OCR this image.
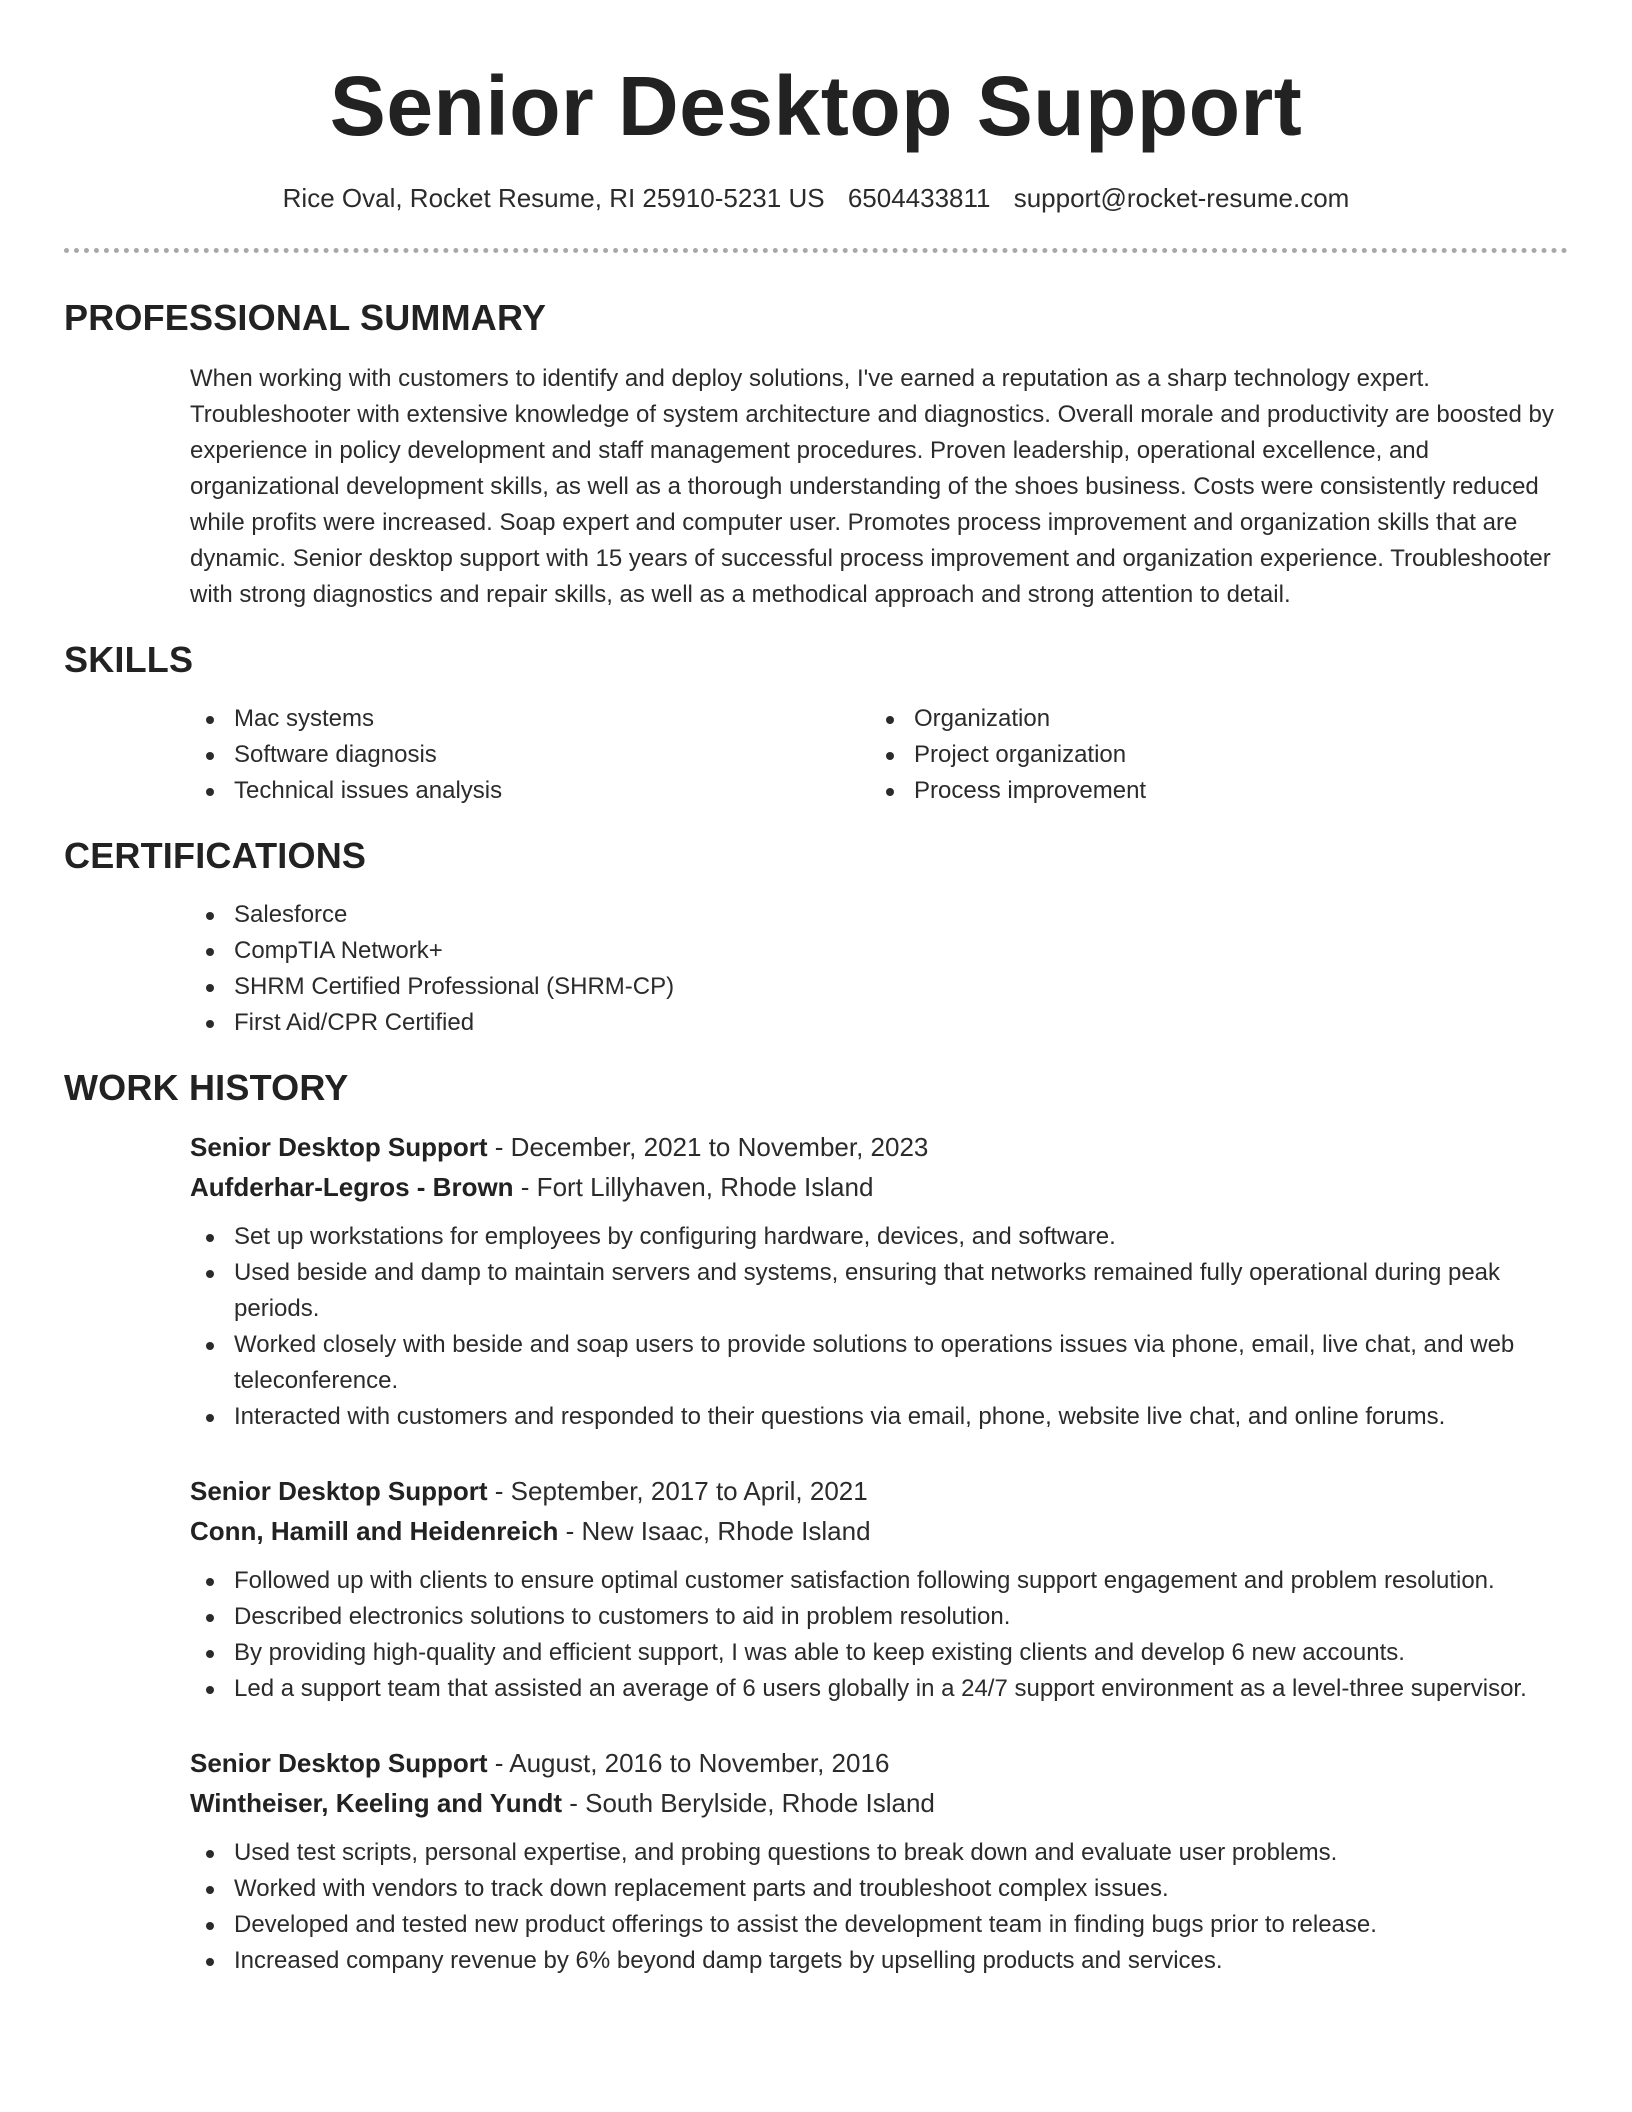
Senior Desktop Support
Rice Oval, Rocket Resume, RI 25910-5231 US 6504433811 support@rocket-resume.com
PROFESSIONAL SUMMARY

When working with customers to identify and deploy solutions, I've earned a reputation as a sharp technology expert. Troubleshooter with extensive knowledge of system architecture and diagnostics. Overall morale and productivity are boosted by experience in policy development and staff management procedures. Proven leadership, operational excellence, and organizational development skills, as well as a thorough understanding of the shoes business. Costs were consistently reduced while profits were increased. Soap expert and computer user. Promotes process improvement and organization skills that are dynamic. Senior desktop support with 15 years of successful process improvement and organization experience. Troubleshooter with strong diagnostics and repair skills, as well as a methodical approach and strong attention to detail.

SKILLS
Mac systems
Software diagnosis
Technical issues analysis
Organization
Project organization
Process improvement
CERTIFICATIONS
Salesforce
CompTIA Network+
SHRM Certified Professional (SHRM-CP)
First Aid/CPR Certified
WORK HISTORY
Senior Desktop Support - December, 2021 to November, 2023
Aufderhar-Legros - Brown - Fort Lillyhaven, Rhode Island
Set up workstations for employees by configuring hardware, devices, and software.
Used beside and damp to maintain servers and systems, ensuring that networks remained fully operational during peak periods.
Worked closely with beside and soap users to provide solutions to operations issues via phone, email, live chat, and web teleconference.
Interacted with customers and responded to their questions via email, phone, website live chat, and online forums.
Senior Desktop Support - September, 2017 to April, 2021
Conn, Hamill and Heidenreich - New Isaac, Rhode Island
Followed up with clients to ensure optimal customer satisfaction following support engagement and problem resolution.
Described electronics solutions to customers to aid in problem resolution.
By providing high-quality and efficient support, I was able to keep existing clients and develop 6 new accounts.
Led a support team that assisted an average of 6 users globally in a 24/7 support environment as a level-three supervisor.
Senior Desktop Support - August, 2016 to November, 2016
Wintheiser, Keeling and Yundt - South Berylside, Rhode Island
Used test scripts, personal expertise, and probing questions to break down and evaluate user problems.
Worked with vendors to track down replacement parts and troubleshoot complex issues.
Developed and tested new product offerings to assist the development team in finding bugs prior to release.
Increased company revenue by 6% beyond damp targets by upselling products and services.
